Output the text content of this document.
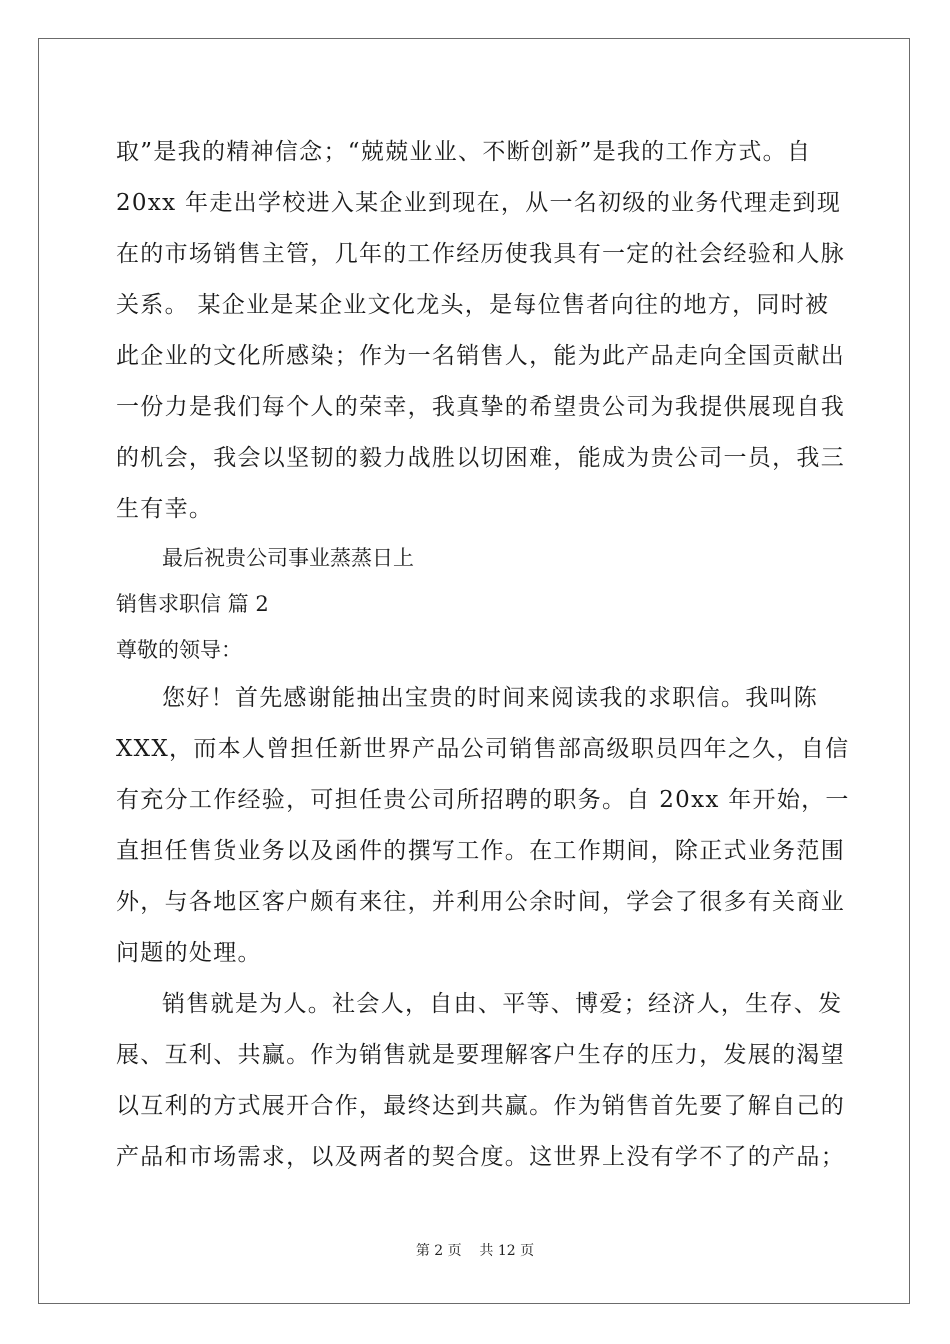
取”是我的精神信念；“兢兢业业、不断创新”是我的工作方式。自
20xx 年走出学校进入某企业到现在，从一名初级的业务代理走到现
在的市场销售主管，几年的工作经历使我具有一定的社会经验和人脉
关系。 某企业是某企业文化龙头，是每位售者向往的地方，同时被
此企业的文化所感染；作为一名销售人，能为此产品走向全国贡献出
一份力是我们每个人的荣幸，我真挚的希望贵公司为我提供展现自我
的机会，我会以坚韧的毅力战胜以切困难，能成为贵公司一员，我三
生有幸。
最后祝贵公司事业蒸蒸日上
销售求职信 篇 2
尊敬的领导：
您好！首先感谢能抽出宝贵的时间来阅读我的求职信。我叫陈
XXX，而本人曾担任新世界产品公司销售部高级职员四年之久，自信
有充分工作经验，可担任贵公司所招聘的职务。自 20xx 年开始，一
直担任售货业务以及函件的撰写工作。在工作期间，除正式业务范围
外，与各地区客户颇有来往，并利用公余时间，学会了很多有关商业
问题的处理。
销售就是为人。社会人，自由、平等、博爱；经济人，生存、发
展、互利、共赢。作为销售就是要理解客户生存的压力，发展的渴望
以互利的方式展开合作，最终达到共赢。作为销售首先要了解自己的
产品和市场需求，以及两者的契合度。这世界上没有学不了的产品；
第 2 页    共 12 页
